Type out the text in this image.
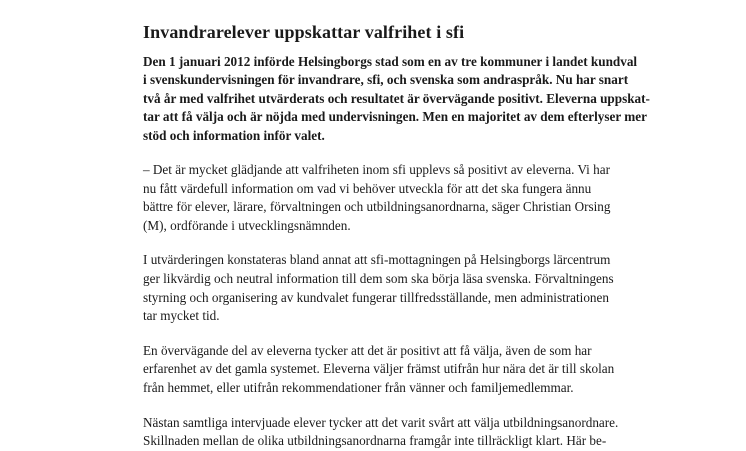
Invandrarelever uppskattar valfrihet i sfi

Den 1 januari 2012 införde Helsingborgs stad som en av tre kommuner i landet kundval
i svenskundervisningen för invandrare, sfi, och svenska som andraspråk. Nu har snart
två år med valfrihet utvärderats och resultatet är övervägande positivt. Eleverna uppskat-
tar att få välja och är nöjda med undervisningen. Men en majoritet av dem efterlyser mer
stöd och information inför valet.

– Det är mycket glädjande att valfriheten inom sfi upplevs så positivt av eleverna. Vi har
nu fått värdefull information om vad vi behöver utveckla för att det ska fungera ännu
bättre för elever, lärare, förvaltningen och utbildningsanordnarna, säger Christian Orsing
(M), ordförande i utvecklingsnämnden.

I utvärderingen konstateras bland annat att sfi-mottagningen på Helsingborgs lärcentrum
ger likvärdig och neutral information till dem som ska börja läsa svenska. Förvaltningens
styrning och organisering av kundvalet fungerar tillfredsställande, men administrationen
tar mycket tid.

En övervägande del av eleverna tycker att det är positivt att få välja, även de som har
erfarenhet av det gamla systemet. Eleverna väljer främst utifrån hur nära det är till skolan
från hemmet, eller utifrån rekommendationer från vänner och familjemedlemmar.

Nästan samtliga intervjuade elever tycker att det varit svårt att välja utbildningsanordnare.
Skillnaden mellan de olika utbildningsanordnarna framgår inte tillräckligt klart. Här be-
